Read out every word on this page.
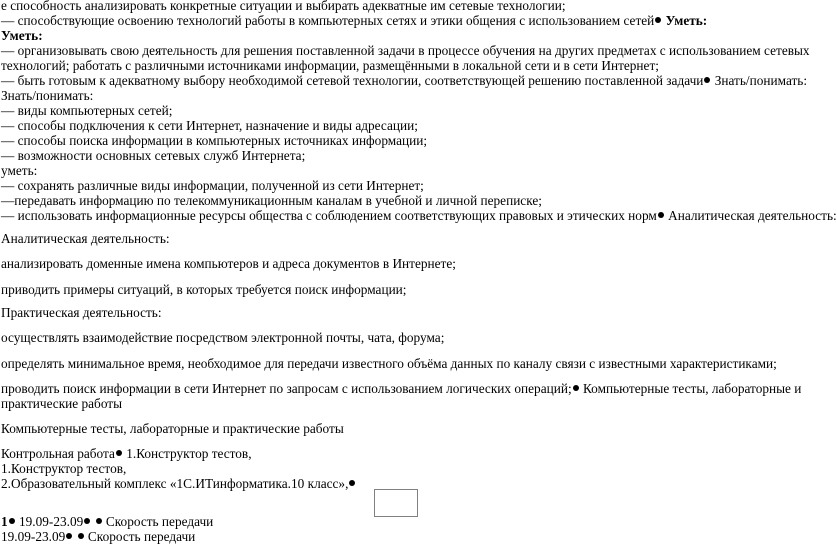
е способность анализировать конкретные ситуации и выбирать адекватные им сетевые технологии;
— способствующие освоению технологий работы в компьютерных сетях и этики общения с использованием сетей Уметь:
Уметь:
— организовывать свою деятельность для решения поставленной задачи в процессе обучения на других предметах с использованием сетевых
технологий; работать с различными источниками информации, размещёнными в локальной сети и в сети Интернет;
— быть готовым к адекватному выбору необходимой сетевой технологии, соответствующей решению поставленной задачи Знать/понимать:
Знать/понимать:
— виды компьютерных сетей;
— способы подключения к сети Интернет, назначение и виды адресации;
— способы поиска информации в компьютерных источниках информации;
— возможности основных сетевых служб Интернета;
уметь:
— сохранять различные виды информации, полученной из сети Интернет;
—передавать информацию по телекоммуникационным каналам в учебной и личной переписке;
— использовать информационные ресурсы общества с соблюдением соответствующих правовых и этических норм Аналитическая деятельность:
Аналитическая деятельность:
анализировать доменные имена компьютеров и адреса документов в Интернете;
приводить примеры ситуаций, в которых требуется поиск информации;
Практическая деятельность:
осуществлять взаимодействие посредством электронной почты, чата, форума;
определять минимальное время, необходимое для передачи известного объёма данных по каналу связи с известными характеристиками;
проводить поиск информации в сети Интернет по запросам с использованием логических операций; Компьютерные тесты, лабораторные и
практические работы
Компьютерные тесты, лабораторные и практические работы
Контрольная работа 1.Конструктор тестов,
1.Конструктор тестов,
2.Образовательный комплекс «1С.ИТинформатика.10 класс»,
1 19.09-23.09  Скорость передачи
19.09-23.09  Скорость передачи
